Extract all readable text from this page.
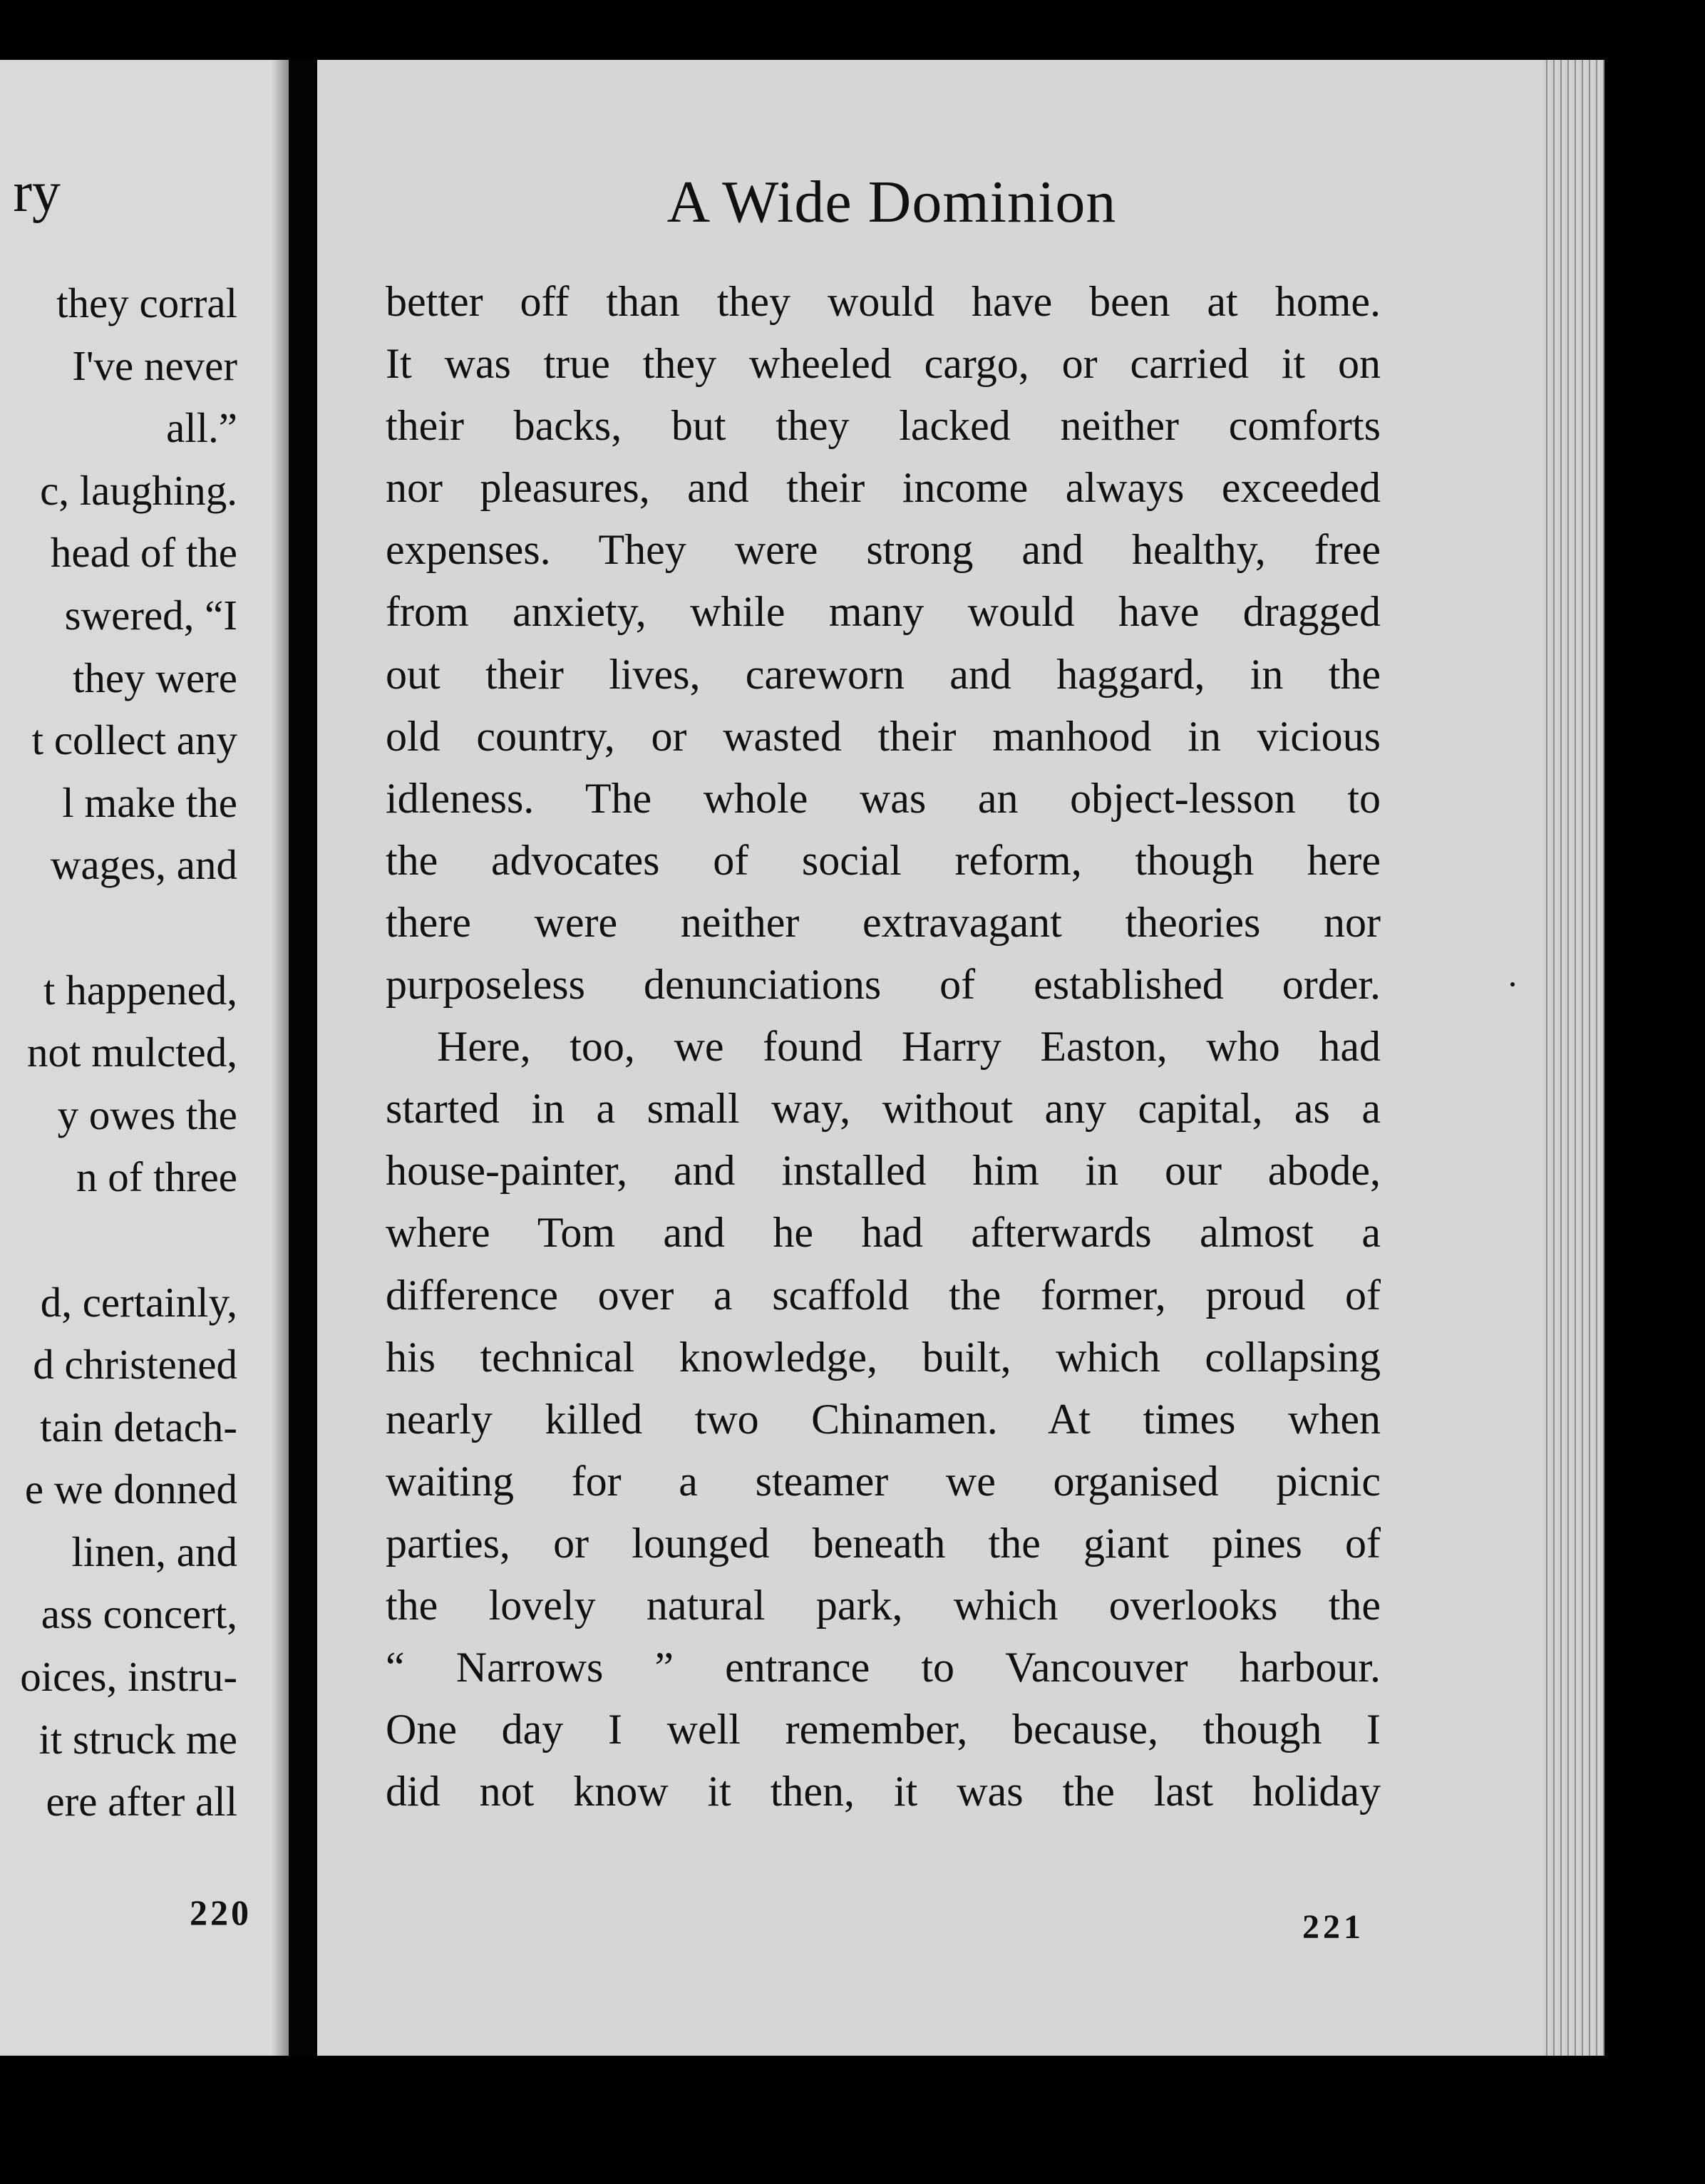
ry
they corral
I've never
all.”
c, laughing.
head of the
swered, “I
they were
t collect any
l make the
wages, and
t happened,
not mulcted,
y owes the
n of three
d, certainly,
d christened
tain detach-
e we donned
linen, and
ass concert,
oices, instru-
it struck me
ere after all
220
A Wide Dominion
better off than they would have been at home.
It was true they wheeled cargo, or carried it on
their backs, but they lacked neither comforts
nor pleasures, and their income always exceeded
expenses. They were strong and healthy, free
from anxiety, while many would have dragged
out their lives, careworn and haggard, in the
old country, or wasted their manhood in vicious
idleness. The whole was an object-lesson to
the advocates of social reform, though here
there were neither extravagant theories nor
purposeless denunciations of established order.
Here, too, we found Harry Easton, who had
started in a small way, without any capital, as a
house-painter, and installed him in our abode,
where Tom and he had afterwards almost a
difference over a scaffold the former, proud of
his technical knowledge, built, which collapsing
nearly killed two Chinamen. At times when
waiting for a steamer we organised picnic
parties, or lounged beneath the giant pines of
the lovely natural park, which overlooks the
“ Narrows ” entrance to Vancouver harbour.
One day I well remember, because, though I
did not know it then, it was the last holiday
221
